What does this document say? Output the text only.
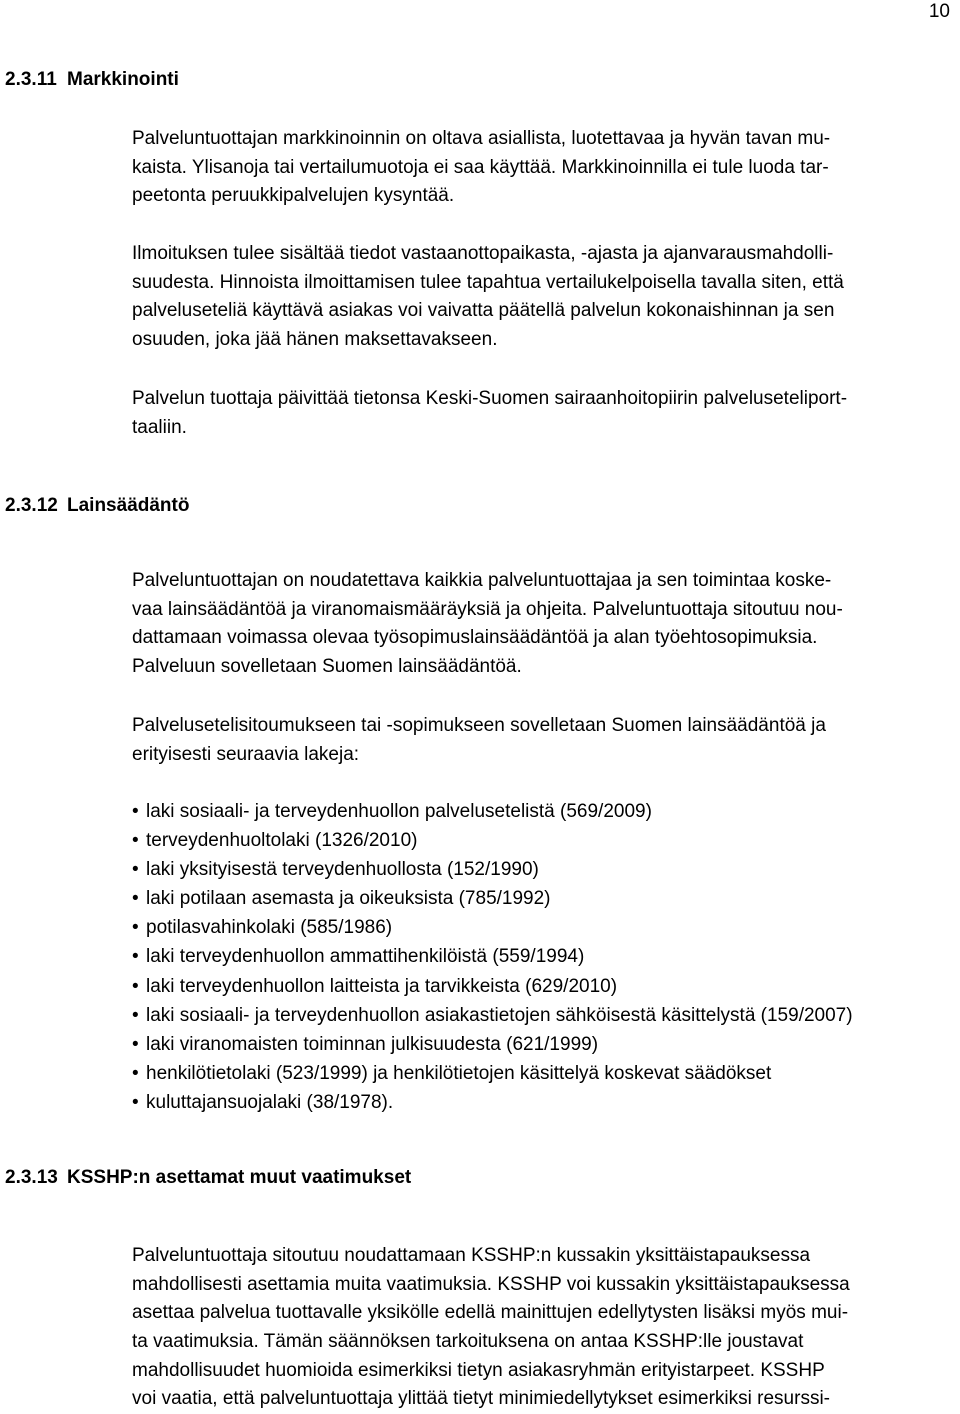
10
2.3.11 Markkinointi
Palveluntuottajan markkinoinnin on oltava asiallista, luotettavaa ja hyvän tavan mu-
kaista. Ylisanoja tai vertailumuotoja ei saa käyttää. Markkinoinnilla ei tule luoda tar-
peetonta peruukkipalvelujen kysyntää.
Ilmoituksen tulee sisältää tiedot vastaanottopaikasta, -ajasta ja ajanvarausmahdolli-
suudesta. Hinnoista ilmoittamisen tulee tapahtua vertailukelpoisella tavalla siten, että
palveluseteliä käyttävä asiakas voi vaivatta päätellä palvelun kokonaishinnan ja sen
osuuden, joka jää hänen maksettavakseen.
Palvelun tuottaja päivittää tietonsa Keski-Suomen sairaanhoitopiirin palveluseteliport-
taaliin.
2.3.12 Lainsäädäntö
Palveluntuottajan on noudatettava kaikkia palveluntuottajaa ja sen toimintaa koske-
vaa lainsäädäntöä ja viranomaismääräyksiä ja ohjeita. Palveluntuottaja sitoutuu nou-
dattamaan voimassa olevaa työsopimuslainsäädäntöä ja alan työehtosopimuksia.
Palveluun sovelletaan Suomen lainsäädäntöä.
Palvelusetelisitoumukseen tai -sopimukseen sovelletaan Suomen lainsäädäntöä ja
erityisesti seuraavia lakeja:
• laki sosiaali- ja terveydenhuollon palvelusetelistä (569/2009)
• terveydenhuoltolaki (1326/2010)
• laki yksityisestä terveydenhuollosta (152/1990)
• laki potilaan asemasta ja oikeuksista (785/1992)
• potilasvahinkolaki (585/1986)
• laki terveydenhuollon ammattihenkilöistä (559/1994)
• laki terveydenhuollon laitteista ja tarvikkeista (629/2010)
• laki sosiaali- ja terveydenhuollon asiakastietojen sähköisestä käsittelystä (159/2007)
• laki viranomaisten toiminnan julkisuudesta (621/1999)
• henkilötietolaki (523/1999) ja henkilötietojen käsittelyä koskevat säädökset
• kuluttajansuojalaki (38/1978).
2.3.13 KSSHP:n asettamat muut vaatimukset
Palveluntuottaja sitoutuu noudattamaan KSSHP:n kussakin yksittäistapauksessa
mahdollisesti asettamia muita vaatimuksia. KSSHP voi kussakin yksittäistapauksessa
asettaa palvelua tuottavalle yksikölle edellä mainittujen edellytysten lisäksi myös mui-
ta vaatimuksia. Tämän säännöksen tarkoituksena on antaa KSSHP:lle joustavat
mahdollisuudet huomioida esimerkiksi tietyn asiakasryhmän erityistarpeet. KSSHP
voi vaatia, että palveluntuottaja ylittää tietyt minimiedellytykset esimerkiksi resurssi-
